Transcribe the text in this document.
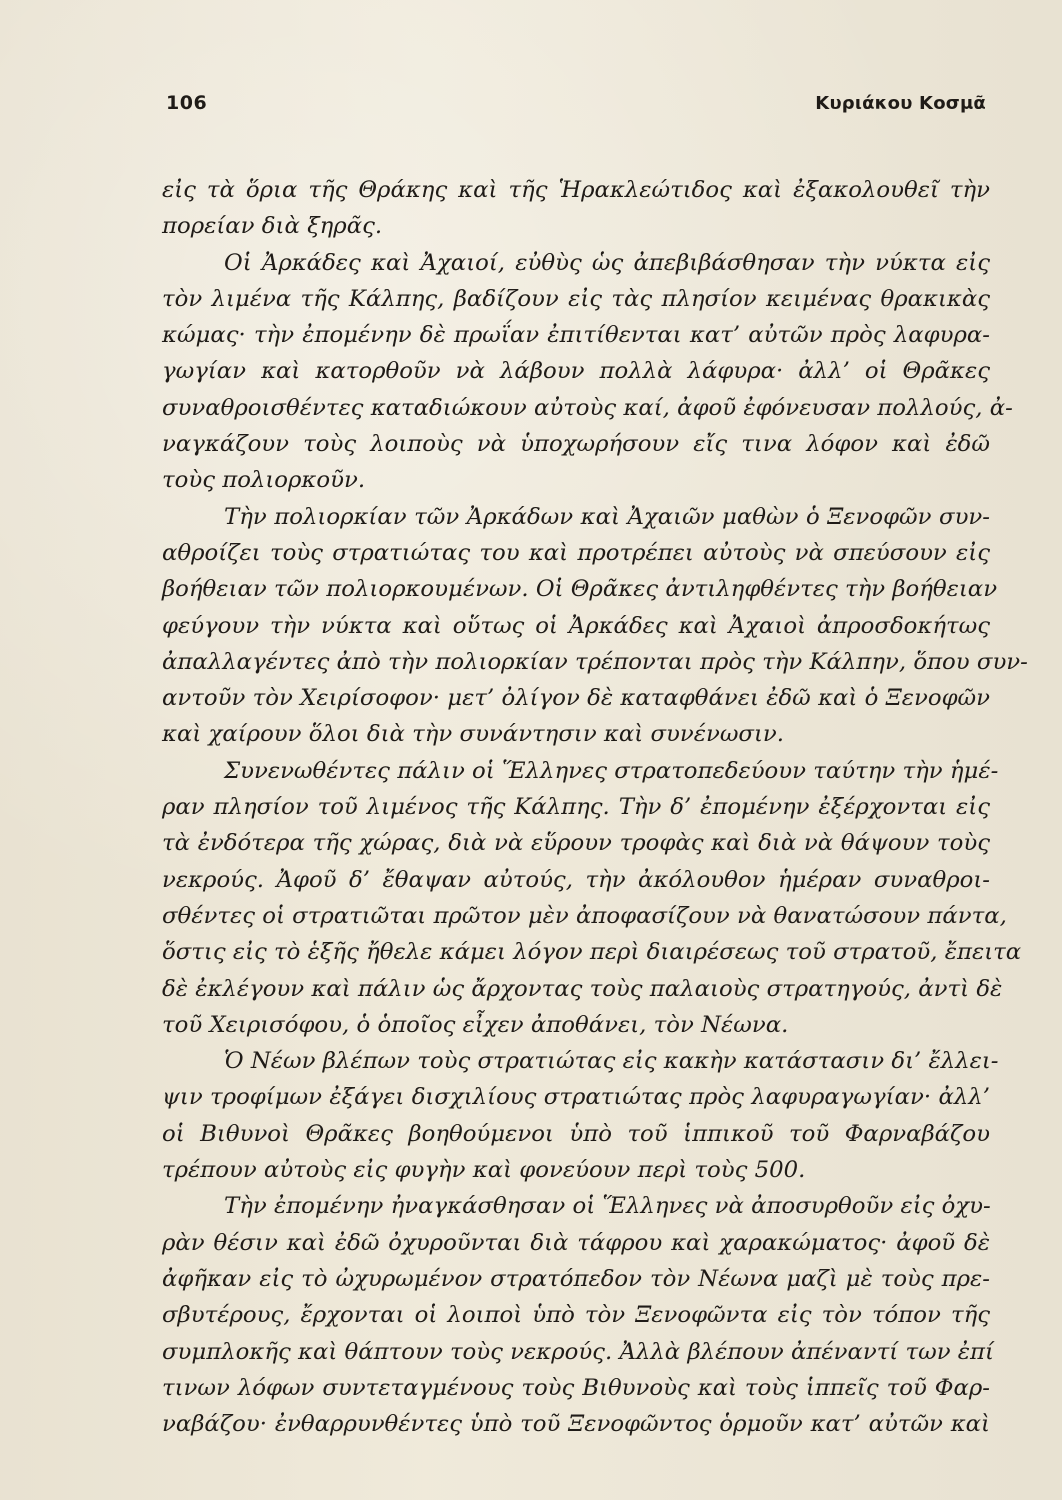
106	Κυριάκου Κοσμᾶ

εἰς τὰ ὅρια τῆς Θράκης καὶ τῆς Ἡρακλεώτιδος καὶ ἐξακολουθεῖ τὴν
πορείαν διὰ ξηρᾶς.

Οἱ Ἀρκάδες καὶ Ἀχαιοί, εὐθὺς ὡς ἀπεβιβάσθησαν τὴν νύκτα εἰς
τὸν λιμένα τῆς Κάλπης, βαδίζουν εἰς τὰς πλησίον κειμένας θρακικὰς
κώμας· τὴν ἐπομένην δὲ πρωΐαν ἐπιτίθενται κατ’ αὐτῶν πρὸς λαφυρα-
γωγίαν καὶ κατορθοῦν νὰ λάβουν πολλὰ λάφυρα· ἀλλ’ οἱ Θρᾶκες
συναθροισθέντες καταδιώκουν αὐτοὺς καί, ἀφοῦ ἐφόνευσαν πολλούς, ἀ-
ναγκάζουν τοὺς λοιποὺς νὰ ὑποχωρήσουν εἴς τινα λόφον καὶ ἐδῶ
τοὺς πολιορκοῦν.

Τὴν πολιορκίαν τῶν Ἀρκάδων καὶ Ἀχαιῶν μαθὼν ὁ Ξενοφῶν συν-
αθροίζει τοὺς στρατιώτας του καὶ προτρέπει αὐτοὺς νὰ σπεύσουν εἰς
βοήθειαν τῶν πολιορκουμένων. Οἱ Θρᾶκες ἀντιληφθέντες τὴν βοήθειαν
φεύγουν τὴν νύκτα καὶ οὕτως οἱ Ἀρκάδες καὶ Ἀχαιοὶ ἀπροσδοκήτως
ἀπαλλαγέντες ἀπὸ τὴν πολιορκίαν τρέπονται πρὸς τὴν Κάλπην, ὅπου συν-
αντοῦν τὸν Χειρίσοφον· μετ’ ὀλίγον δὲ καταφθάνει ἐδῶ καὶ ὁ Ξενοφῶν
καὶ χαίρουν ὅλοι διὰ τὴν συνάντησιν καὶ συνένωσιν.

Συνενωθέντες πάλιν οἱ Ἕλληνες στρατοπεδεύουν ταύτην τὴν ἡμέ-
ραν πλησίον τοῦ λιμένος τῆς Κάλπης. Τὴν δ’ ἐπομένην ἐξέρχονται εἰς
τὰ ἐνδότερα τῆς χώρας, διὰ νὰ εὕρουν τροφὰς καὶ διὰ νὰ θάψουν τοὺς
νεκρούς. Ἀφοῦ δ’ ἔθαψαν αὐτούς, τὴν ἀκόλουθον ἡμέραν συναθροι-
σθέντες οἱ στρατιῶται πρῶτον μὲν ἀποφασίζουν νὰ θανατώσουν πάντα,
ὅστις εἰς τὸ ἑξῆς ἤθελε κάμει λόγον περὶ διαιρέσεως τοῦ στρατοῦ, ἔπειτα
δὲ ἐκλέγουν καὶ πάλιν ὡς ἄρχοντας τοὺς παλαιοὺς στρατηγούς, ἀντὶ δὲ
τοῦ Χειρισόφου, ὁ ὁποῖος εἶχεν ἀποθάνει, τὸν Νέωνα.

Ὁ Νέων βλέπων τοὺς στρατιώτας εἰς κακὴν κατάστασιν δι’ ἔλλει-
ψιν τροφίμων ἐξάγει δισχιλίους στρατιώτας πρὸς λαφυραγωγίαν· ἀλλ’
οἱ Βιθυνοὶ Θρᾶκες βοηθούμενοι ὑπὸ τοῦ ἱππικοῦ τοῦ Φαρναβάζου
τρέπουν αὐτοὺς εἰς φυγὴν καὶ φονεύουν περὶ τοὺς 500.

Τὴν ἐπομένην ἠναγκάσθησαν οἱ Ἕλληνες νὰ ἀποσυρθοῦν εἰς ὀχυ-
ρὰν θέσιν καὶ ἐδῶ ὀχυροῦνται διὰ τάφρου καὶ χαρακώματος· ἀφοῦ δὲ
ἀφῆκαν εἰς τὸ ὠχυρωμένον στρατόπεδον τὸν Νέωνα μαζὶ μὲ τοὺς πρε-
σβυτέρους, ἔρχονται οἱ λοιποὶ ὑπὸ τὸν Ξενοφῶντα εἰς τὸν τόπον τῆς
συμπλοκῆς καὶ θάπτουν τοὺς νεκρούς. Ἀλλὰ βλέπουν ἀπέναντί των ἐπί
τινων λόφων συντεταγμένους τοὺς Βιθυνοὺς καὶ τοὺς ἱππεῖς τοῦ Φαρ-
ναβάζου· ἐνθαρρυνθέντες ὑπὸ τοῦ Ξενοφῶντος ὁρμοῦν κατ’ αὐτῶν καὶ
